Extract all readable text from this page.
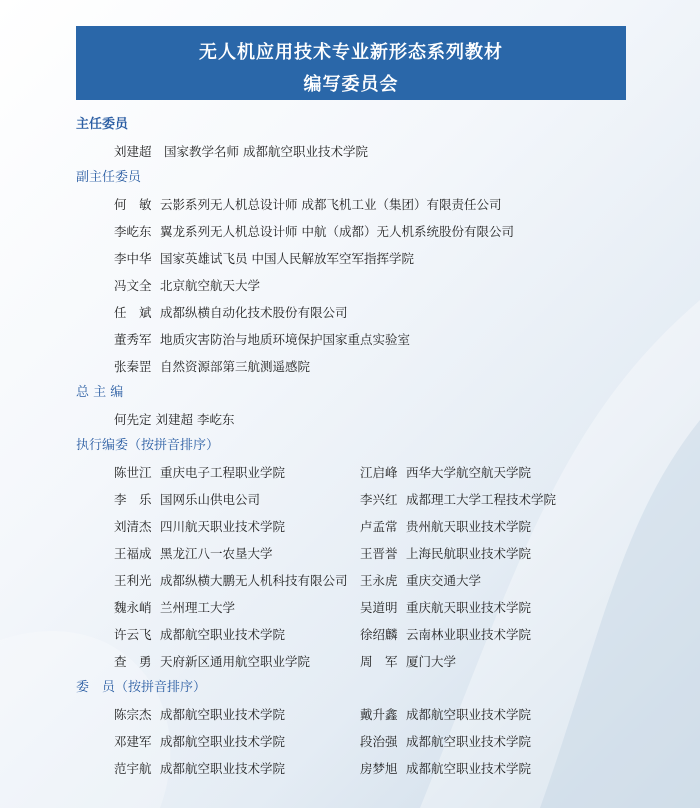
无人机应用技术专业新形态系列教材
编写委员会
主任委员
刘建超 国家教学名师 成都航空职业技术学院
副主任委员
何　敏 云影系列无人机总设计师 成都飞机工业（集团）有限责任公司
李屹东 翼龙系列无人机总设计师 中航（成都）无人机系统股份有限公司
李中华 国家英雄试飞员 中国人民解放军空军指挥学院
冯文全 北京航空航天大学
任　斌 成都纵横自动化技术股份有限公司
董秀军 地质灾害防治与地质环境保护国家重点实验室
张秦罡 自然资源部第三航测遥感院
总 主 编
何先定 刘建超 李屹东
执行编委（按拼音排序）
陈世江 重庆电子工程职业学院	江启峰 西华大学航空航天学院
李　乐 国网乐山供电公司	李兴红 成都理工大学工程技术学院
刘清杰 四川航天职业技术学院	卢孟常 贵州航天职业技术学院
王福成 黑龙江八一农垦大学	王晋誉 上海民航职业技术学院
王利光 成都纵横大鹏无人机科技有限公司 王永虎 重庆交通大学
魏永峭 兰州理工大学	吴道明 重庆航天职业技术学院
许云飞 成都航空职业技术学院	徐绍麟 云南林业职业技术学院
查　勇 天府新区通用航空职业学院	周　军 厦门大学
委　员（按拼音排序）
陈宗杰 成都航空职业技术学院	戴升鑫 成都航空职业技术学院
邓建军 成都航空职业技术学院	段治强 成都航空职业技术学院
范宇航 成都航空职业技术学院	房梦旭 成都航空职业技术学院
